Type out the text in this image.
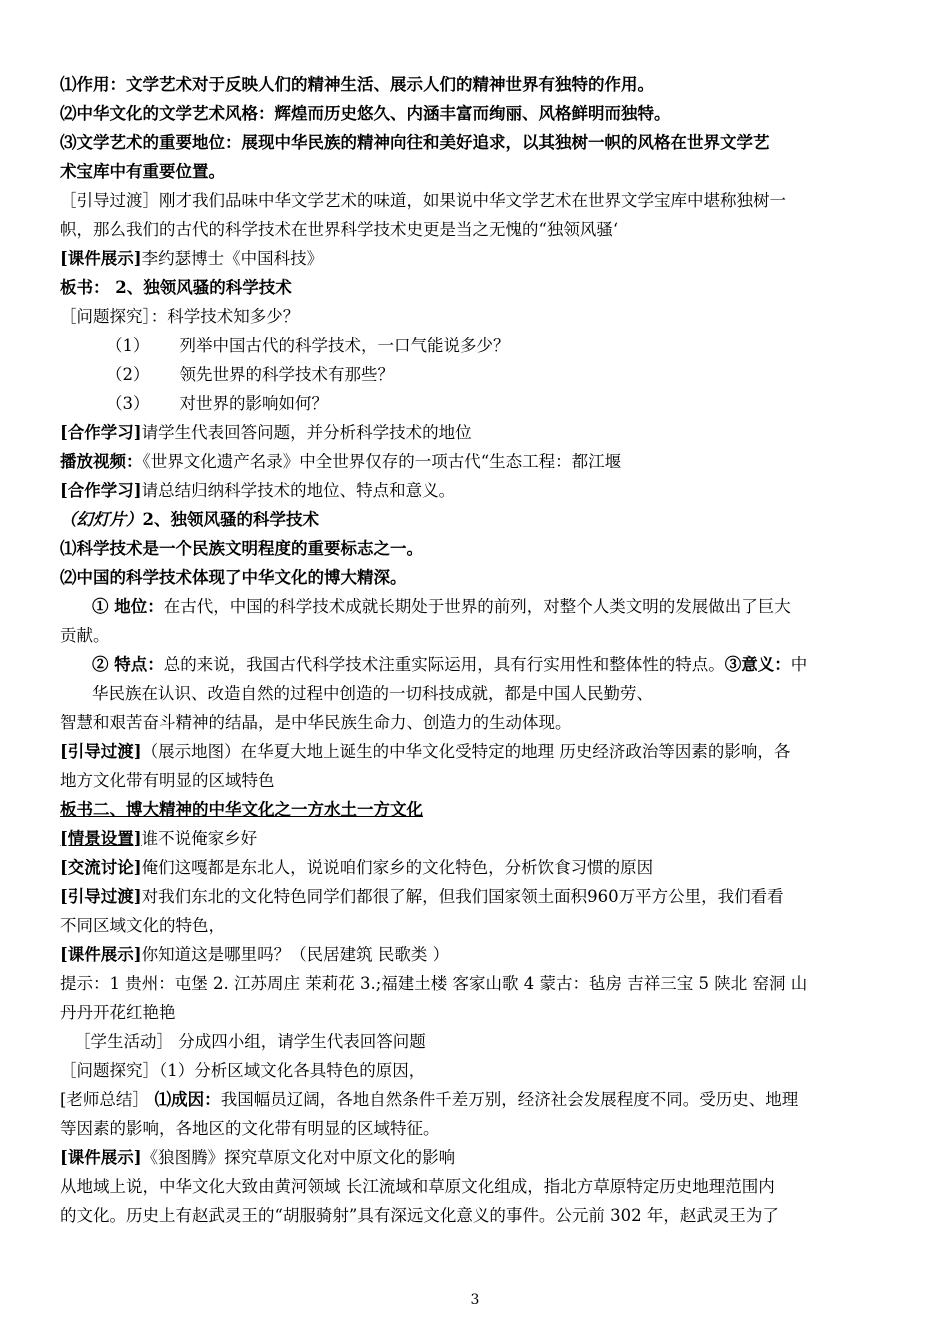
⑴作用：文学艺术对于反映人们的精神生活、展示人们的精神世界有独特的作用。
⑵中华文化的文学艺术风格：辉煌而历史悠久、内涵丰富而绚丽、风格鲜明而独特。
⑶文学艺术的重要地位：展现中华民族的精神向往和美好追求，以其独树一帜的风格在世界文学艺
术宝库中有重要位置。
［引导过渡］刚才我们品味中华文学艺术的味道，如果说中华文学艺术在世界文学宝库中堪称独树一
帜，那么我们的古代的科学技术在世界科学技术史更是当之无愧的“独领风骚‘
[课件展示]李约瑟博士《中国科技》
板书： 2、独领风骚的科学技术
［问题探究］：科学技术知多少？
（1） 列举中国古代的科学技术，一口气能说多少？
（2） 领先世界的科学技术有那些？
（3） 对世界的影响如何？
[合作学习]请学生代表回答问题，并分析科学技术的地位
播放视频：《世界文化遗产名录》中全世界仅存的一项古代“生态工程：都江堰
[合作学习]请总结归纳科学技术的地位、特点和意义。
（幻灯片）2、独领风骚的科学技术
⑴科学技术是一个民族文明程度的重要标志之一。
⑵中国的科学技术体现了中华文化的博大精深。
① 地位：在古代，中国的科学技术成就长期处于世界的前列，对整个人类文明的发展做出了巨大
贡献。
② 特点：总的来说，我国古代科学技术注重实际运用，具有行实用性和整体性的特点。③意义：中
华民族在认识、改造自然的过程中创造的一切科技成就，都是中国人民勤劳、
智慧和艰苦奋斗精神的结晶，是中华民族生命力、创造力的生动体现。
[引导过渡]（展示地图）在华夏大地上诞生的中华文化受特定的地理 历史经济政治等因素的影响，各
地方文化带有明显的区域特色
板书二、博大精神的中华文化之一方水土一方文化
[情景设置]谁不说俺家乡好
[交流讨论]俺们这嘎都是东北人，说说咱们家乡的文化特色，分析饮食习惯的原因
[引导过渡]对我们东北的文化特色同学们都很了解，但我们国家领土面积960万平方公里，我们看看
不同区域文化的特色，
[课件展示]你知道这是哪里吗？（民居建筑 民歌类 ）
提示：1 贵州：屯堡 2. 江苏周庄 茉莉花 3.;福建土楼 客家山歌 4 蒙古：毡房 吉祥三宝 5 陕北 窑洞 山
丹丹开花红艳艳
［学生活动］ 分成四小组，请学生代表回答问题
［问题探究］（1）分析区域文化各具特色的原因，
[老师总结］ ⑴成因：我国幅员辽阔，各地自然条件千差万别，经济社会发展程度不同。受历史、地理
等因素的影响，各地区的文化带有明显的区域特征。
[课件展示]《狼图腾》探究草原文化对中原文化的影响
从地域上说，中华文化大致由黄河领域 长江流域和草原文化组成，指北方草原特定历史地理范围内
的文化。历史上有赵武灵王的“胡服骑射”具有深远文化意义的事件。公元前 302 年，赵武灵王为了
3
